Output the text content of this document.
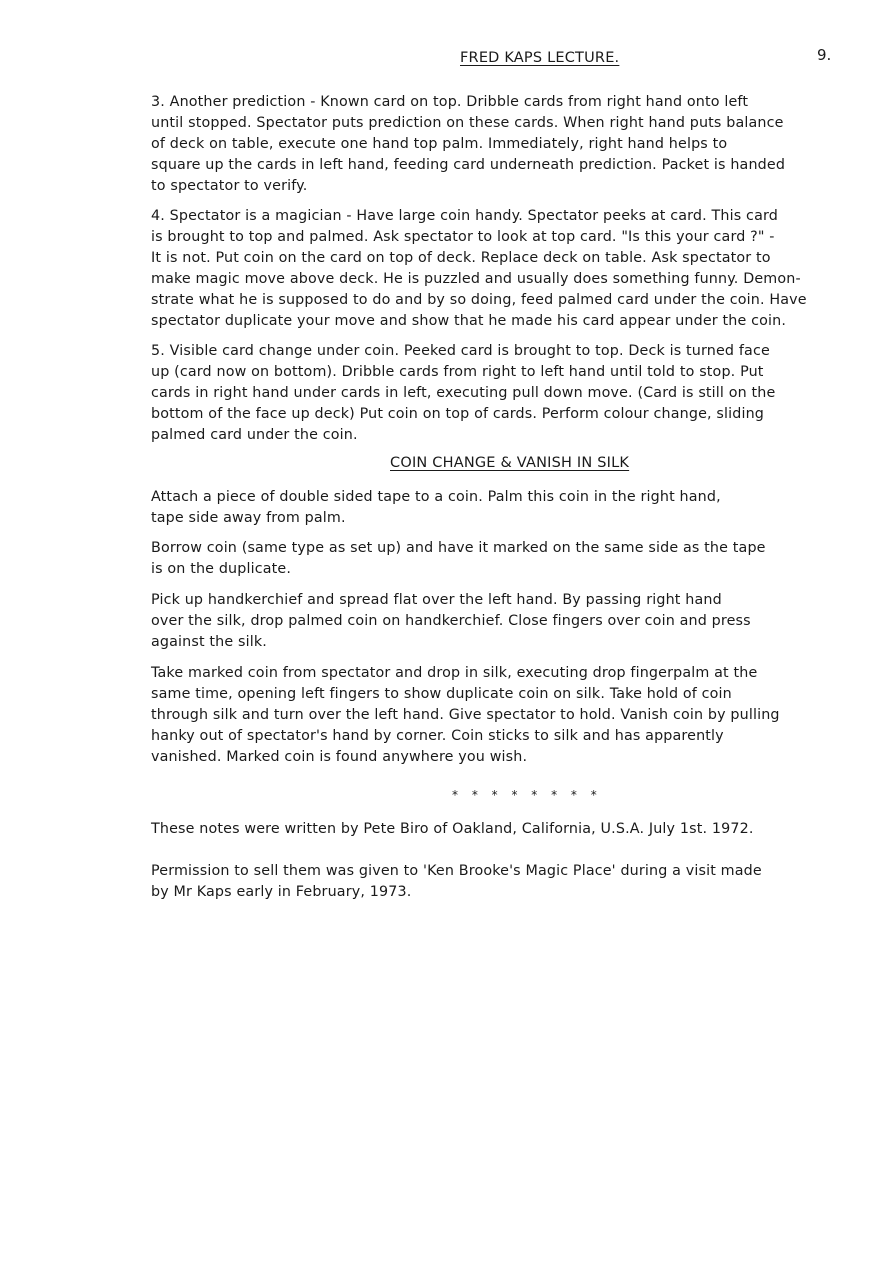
FRED KAPS LECTURE.	9.

3. Another prediction - Known card on top. Dribble cards from right hand onto left
until stopped. Spectator puts prediction on these cards. When right hand puts balance
of deck on table, execute one hand top palm. Immediately, right hand helps to
square up the cards in left hand, feeding card underneath prediction. Packet is handed
to spectator to verify.

4. Spectator is a magician - Have large coin handy. Spectator peeks at card. This card
is brought to top and palmed. Ask spectator to look at top card. "Is this your card ?" -
It is not. Put coin on the card on top of deck. Replace deck on table. Ask spectator to
make magic move above deck. He is puzzled and usually does something funny. Demon-
strate what he is supposed to do and by so doing, feed palmed card under the coin. Have
spectator duplicate your move and show that he made his card appear under the coin.

5. Visible card change under coin. Peeked card is brought to top. Deck is turned face
up (card now on bottom). Dribble cards from right to left hand until told to stop. Put
cards in right hand under cards in left, executing pull down move. (Card is still on the
bottom of the face up deck) Put coin on top of cards. Perform colour change, sliding
palmed card under the coin.

COIN CHANGE & VANISH IN SILK

Attach a piece of double sided tape to a coin. Palm this coin in the right hand,
tape side away from palm.

Borrow coin (same type as set up) and have it marked on the same side as the tape
is on the duplicate.

Pick up handkerchief and spread flat over the left hand. By passing right hand
over the silk, drop palmed coin on handkerchief. Close fingers over coin and press
against the silk.

Take marked coin from spectator and drop in silk, executing drop fingerpalm at the
same time, opening left fingers to show duplicate coin on silk. Take hold of coin
through silk and turn over the left hand. Give spectator to hold. Vanish coin by pulling
hanky out of spectator's hand by corner. Coin sticks to silk and has apparently
vanished. Marked coin is found anywhere you wish.

* * * * * * * *

These notes were written by Pete Biro of Oakland, California, U.S.A. July 1st. 1972.

Permission to sell them was given to 'Ken Brooke's Magic Place' during a visit made
by Mr Kaps early in February, 1973.
